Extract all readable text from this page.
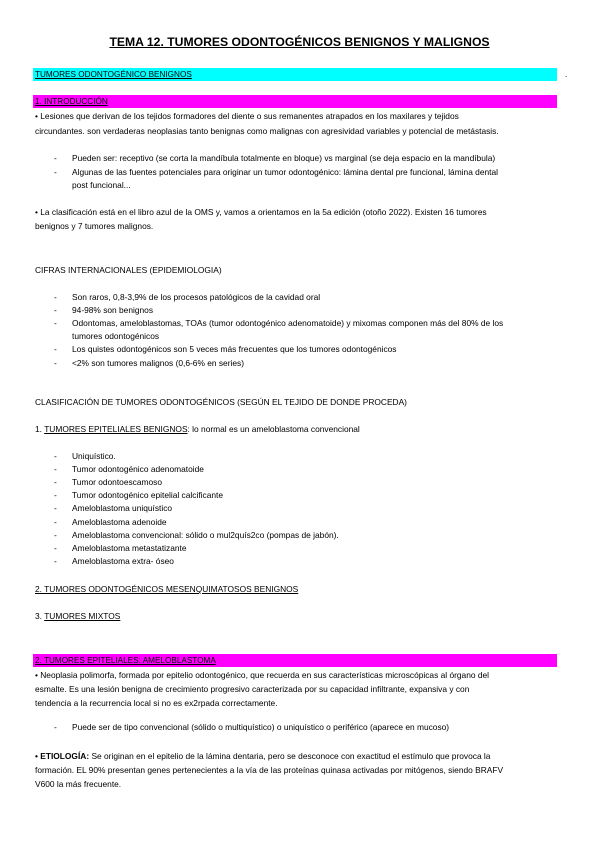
TEMA 12. TUMORES ODONTOGÉNICOS BENIGNOS Y MALIGNOS
TUMORES ODONTOGÉNICO BENIGNOS	.
1. INTRODUCCIÓN
• Lesiones que derivan de los tejidos formadores del diente o sus remanentes atrapados en los maxilares y tejidos
circundantes. son verdaderas neoplasias tanto benignas como malignas con agresividad variables y potencial de metástasis.
- Pueden ser: receptivo (se corta la mandíbula totalmente en bloque) vs marginal (se deja espacio en la mandíbula)
- Algunas de las fuentes potenciales para originar un tumor odontogénico: lámina dental pre funcional, lámina dental
post funcional...
• La clasificación está en el libro azul de la OMS y, vamos a orientamos en la 5a edición (otoño 2022). Existen 16 tumores
benignos y 7 tumores malignos.
CIFRAS INTERNACIONALES (EPIDEMIOLOGIA)
- Son raros, 0,8-3,9% de los procesos patológicos de la cavidad oral
- 94-98% son benignos
- Odontomas, ameloblastomas, TOAs (tumor odontogénico adenomatoide) y mixomas componen más del 80% de los
tumores odontogénicos
- Los quistes odontogénicos son 5 veces más frecuentes que los tumores odontogénicos
- <2% son tumores malignos (0,6-6% en series)
CLASIFICACIÓN DE TUMORES ODONTOGÉNICOS (SEGÚN EL TEJIDO DE DONDE PROCEDA)
1. TUMORES EPITELIALES BENIGNOS: lo normal es un ameloblastoma convencional
- Uniquístico.
- Tumor odontogénico adenomatoide
- Tumor odontoescamoso
- Tumor odontogénico epitelial calcificante
- Ameloblastoma uniquístico
- Ameloblastoma adenoide
- Ameloblastoma convencional: sólido o mul2quís2co (pompas de jabón).
- Ameloblastoma metastatizante
- Ameloblastoma extra- óseo
2. TUMORES ODONTOGÉNICOS MESENQUIMATOSOS BENIGNOS
3. TUMORES MIXTOS
2. TUMORES EPITELIALES: AMELOBLASTOMA
• Neoplasia polimorfa, formada por epitelio odontogénico, que recuerda en sus características microscópicas al órgano del
esmalte. Es una lesión benigna de crecimiento progresivo caracterizada por su capacidad infiltrante, expansiva y con
tendencia a la recurrencia local si no es ex2rpada correctamente.
- Puede ser de tipo convencional (sólido o multiquístico) o uniquístico o periférico (aparece en mucoso)
• ETIOLOGÍA: Se originan en el epitelio de la lámina dentaria, pero se desconoce con exactitud el estímulo que provoca la
formación. EL 90% presentan genes pertenecientes a la vía de las proteínas quinasa activadas por mitógenos, siendo BRAFV
V600 la más frecuente.
